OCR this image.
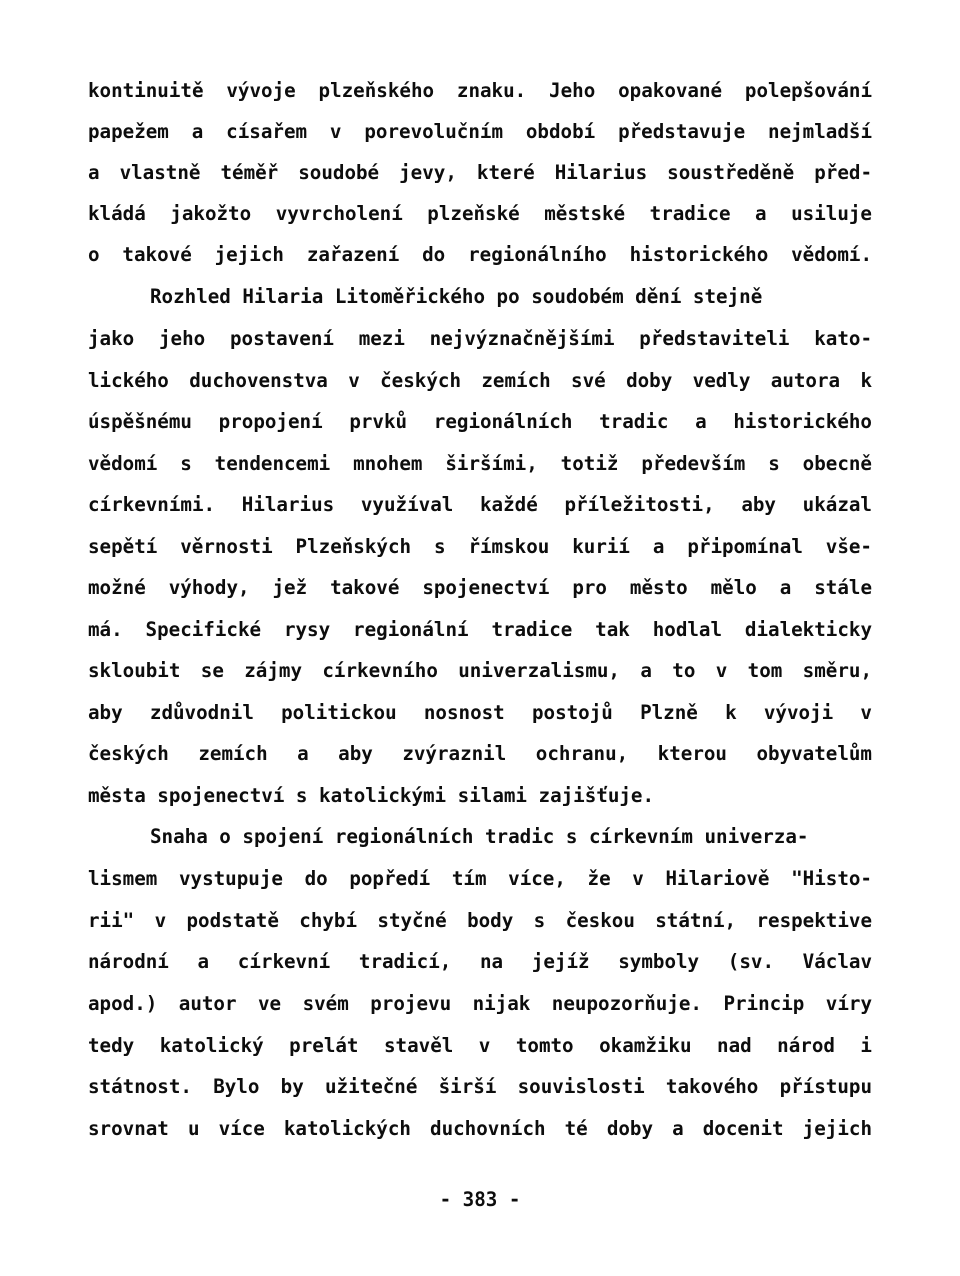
kontinuitě vývoje plzeňského znaku. Jeho opakované polepšování
papežem a císařem v porevolučním období představuje nejmladší
a vlastně téměř soudobé jevy, které Hilarius soustředěně před-
kládá jakožto vyvrcholení plzeňské městské tradice a usiluje
o takové jejich zařazení do regionálního historického vědomí.
Rozhled Hilaria Litoměřického po soudobém dění stejně
jako jeho postavení mezi nejvýznačnějšími představiteli kato-
lického duchovenstva v českých zemích své doby vedly autora k
úspěšnému propojení prvků regionálních tradic a historického
vědomí s tendencemi mnohem širšími, totiž především s obecně
církevními. Hilarius využíval každé příležitosti, aby ukázal
sepětí věrnosti Plzeňských s římskou kurií a připomínal vše-
možné výhody, jež takové spojenectví pro město mělo a stále
má. Specifické rysy regionální tradice tak hodlal dialekticky
skloubit se zájmy církevního univerzalismu, a to v tom směru,
aby zdůvodnil politickou nosnost postojů Plzně k vývoji v
českých zemích a aby zvýraznil ochranu, kterou obyvatelům
města spojenectví s katolickými silami zajišťuje.
Snaha o spojení regionálních tradic s církevním univerza-
lismem vystupuje do popředí tím více, že v Hilariově "Histo-
rii" v podstatě chybí styčné body s českou státní, respektive
národní a církevní tradicí, na jejíž symboly (sv. Václav
apod.) autor ve svém projevu nijak neupozorňuje. Princip víry
tedy katolický prelát stavěl v tomto okamžiku nad národ i
státnost. Bylo by užitečné širší souvislosti takového přístupu
srovnat u více katolických duchovních té doby a docenit jejich
- 383 -
